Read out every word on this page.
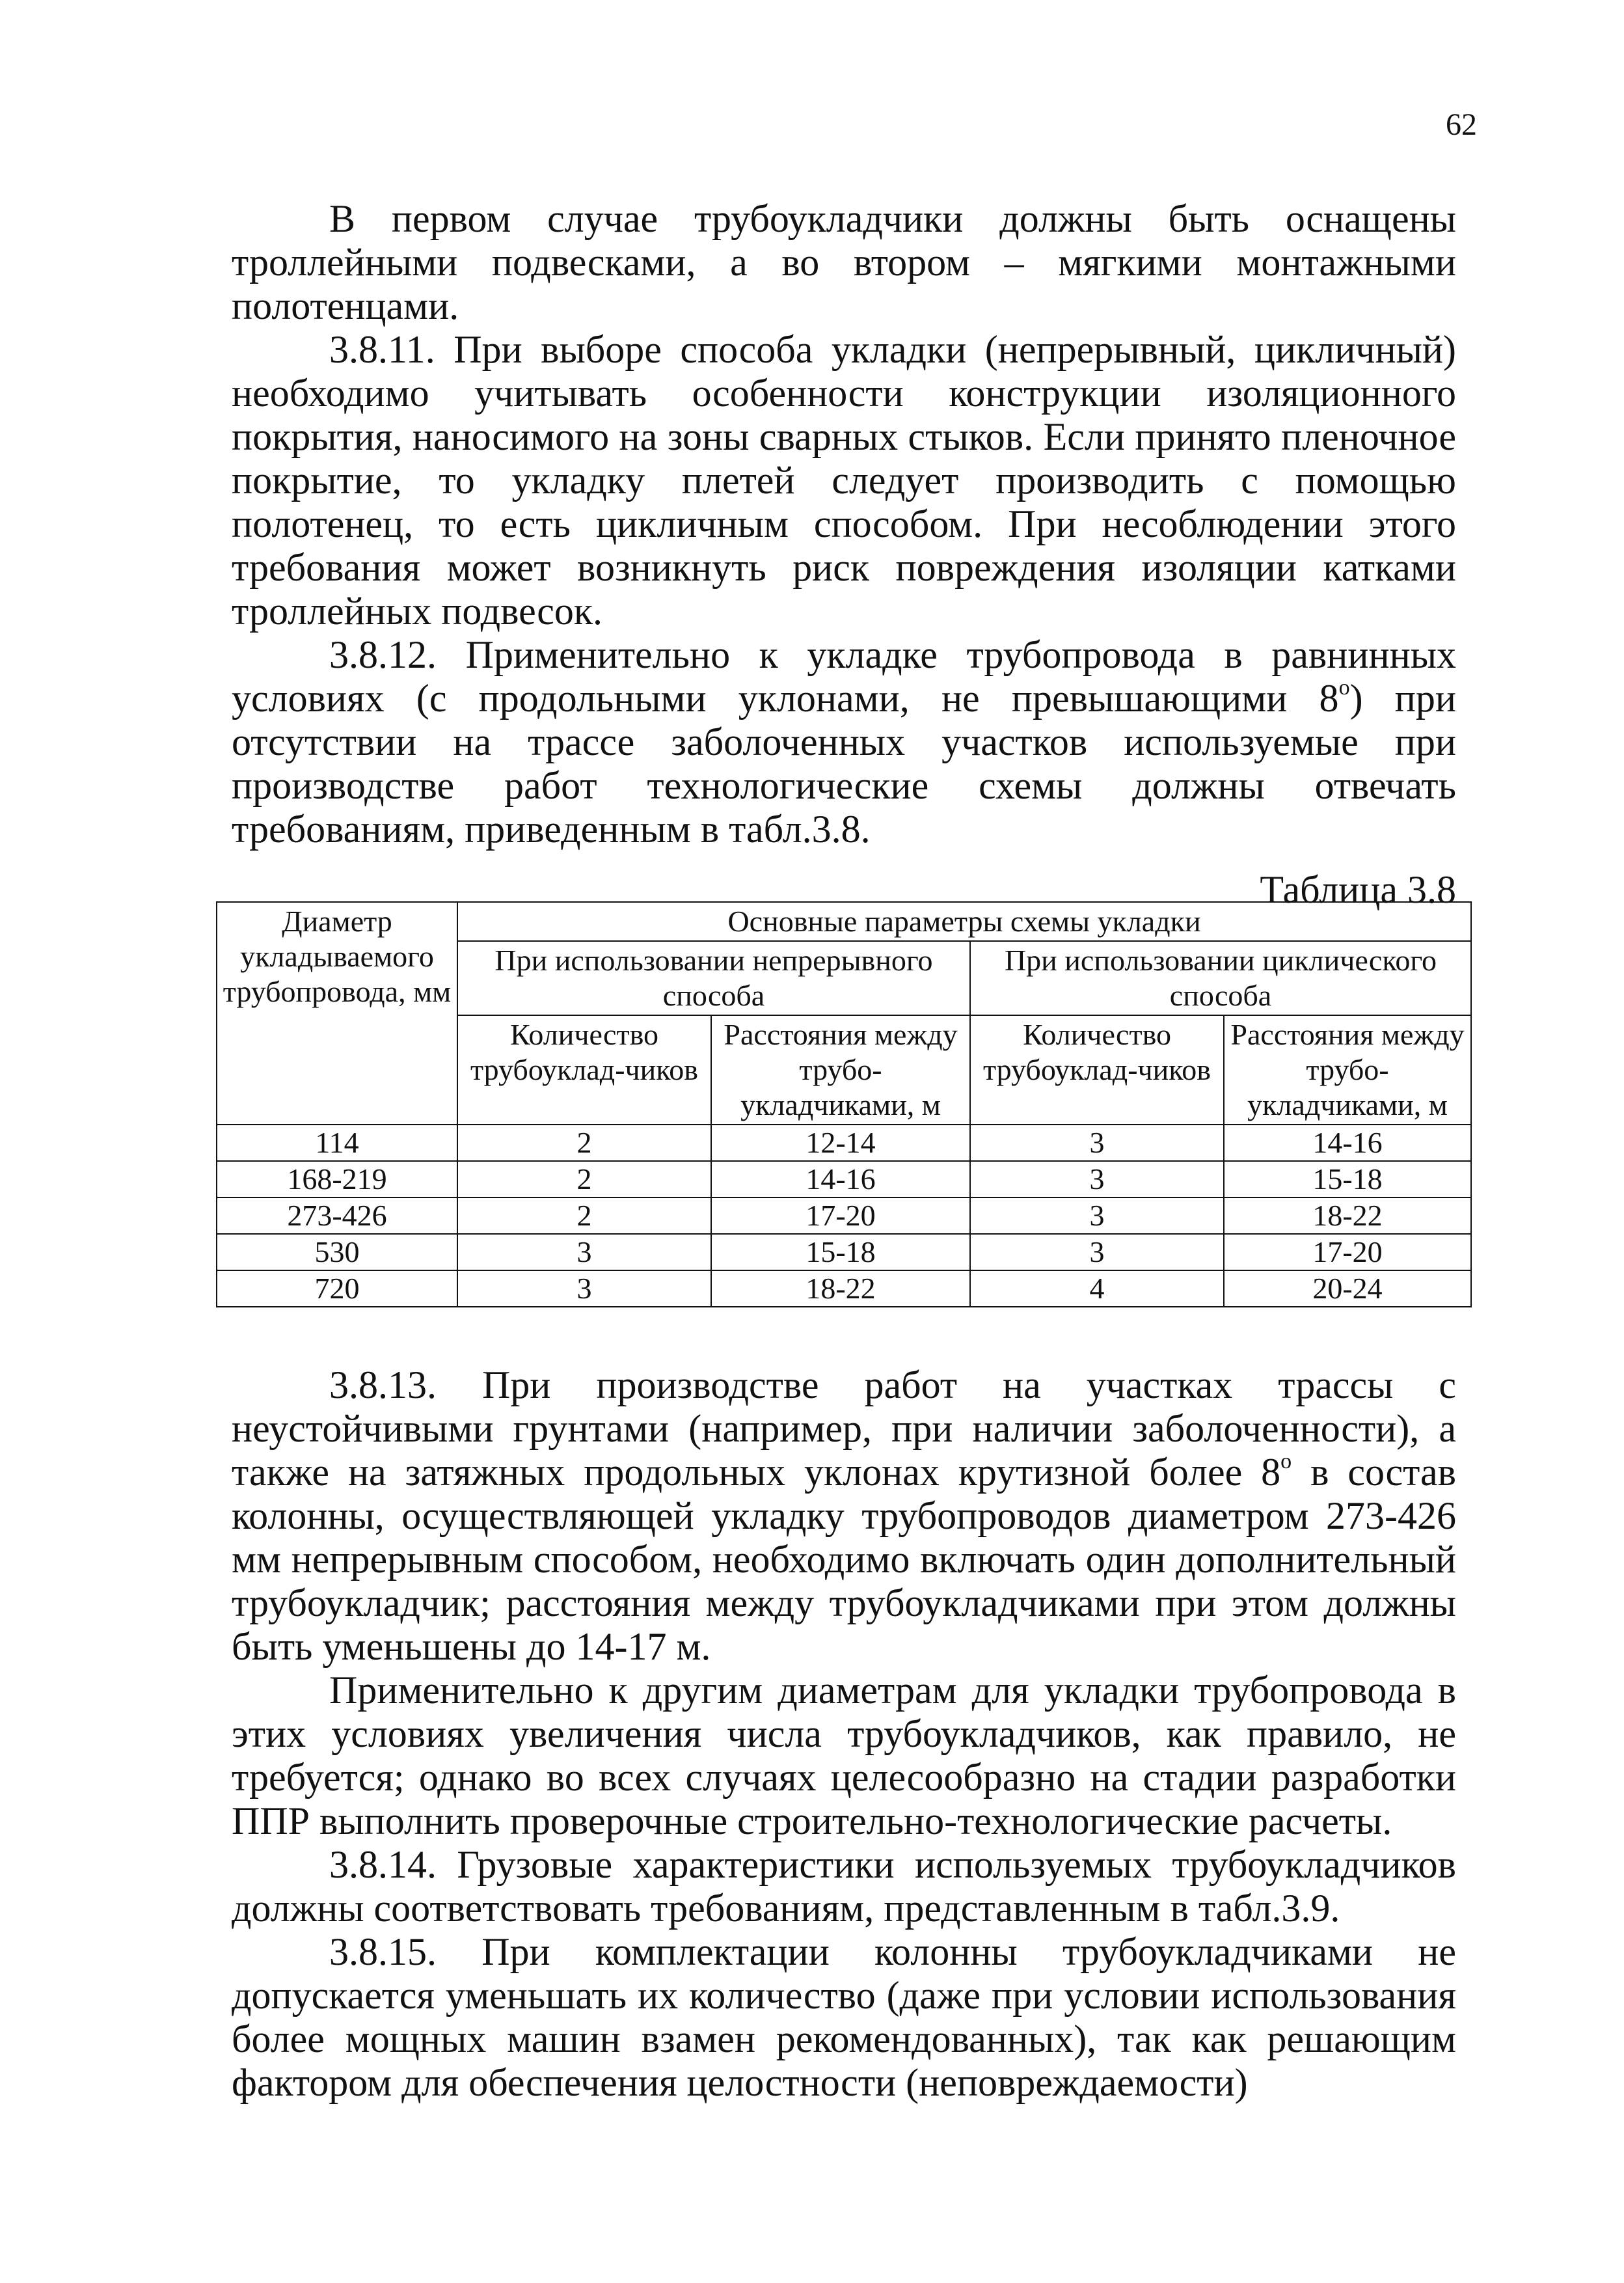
62

В первом случае трубоукладчики должны быть оснащены троллейными подвесками, а во втором – мягкими монтажными полотенцами.

3.8.11. При выборе способа укладки (непрерывный, цикличный) необходимо учитывать особенности конструкции изоляционного покрытия, наносимого на зоны сварных стыков. Если принято пленочное покрытие, то укладку плетей следует производить с помощью полотенец, то есть цикличным способом. При несоблюдении этого требования может возникнуть риск повреждения изоляции катками троллейных подвесок.

3.8.12. Применительно к укладке трубопровода в равнинных условиях (с продольными уклонами, не превышающими $8^о$) при отсутствии на трассе заболоченных участков используемые при производстве работ технологические схемы должны отвечать требованиям, приведенным в табл.3.8.

Таблица 3.8

Диаметр укладываемого трубопровода, мм	Основные параметры схемы укладки			
	При использовании непрерывного способа		При использовании циклического способа	
	Количество трубоуклад-чиков	Расстояния между трубо-укладчиками, м	Количество трубоуклад-чиков	Расстояния между трубо-укладчиками, м
114	2	12-14	3	14-16
168-219	2	14-16	3	15-18
273-426	2	17-20	3	18-22
530	3	15-18	3	17-20
720	3	18-22	4	20-24

3.8.13. При производстве работ на участках трассы с неустойчивыми грунтами (например, при наличии заболоченности), а также на затяжных продольных уклонах крутизной более $8^о$ в состав колонны, осуществляющей укладку трубопроводов диаметром 273-426 мм непрерывным способом, необходимо включать один дополнительный трубоукладчик; расстояния между трубоукладчиками при этом должны быть уменьшены до 14-17 м.

Применительно к другим диаметрам для укладки трубопровода в этих условиях увеличения числа трубоукладчиков, как правило, не требуется; однако во всех случаях целесообразно на стадии разработки ППР выполнить проверочные строительно-технологические расчеты.

3.8.14. Грузовые характеристики используемых трубоукладчиков должны соответствовать требованиям, представленным в табл.3.9.

3.8.15. При комплектации колонны трубоукладчиками не допускается уменьшать их количество (даже при условии использования более мощных машин взамен рекомендованных), так как решающим фактором для обеспечения целостности (неповреждаемости)
